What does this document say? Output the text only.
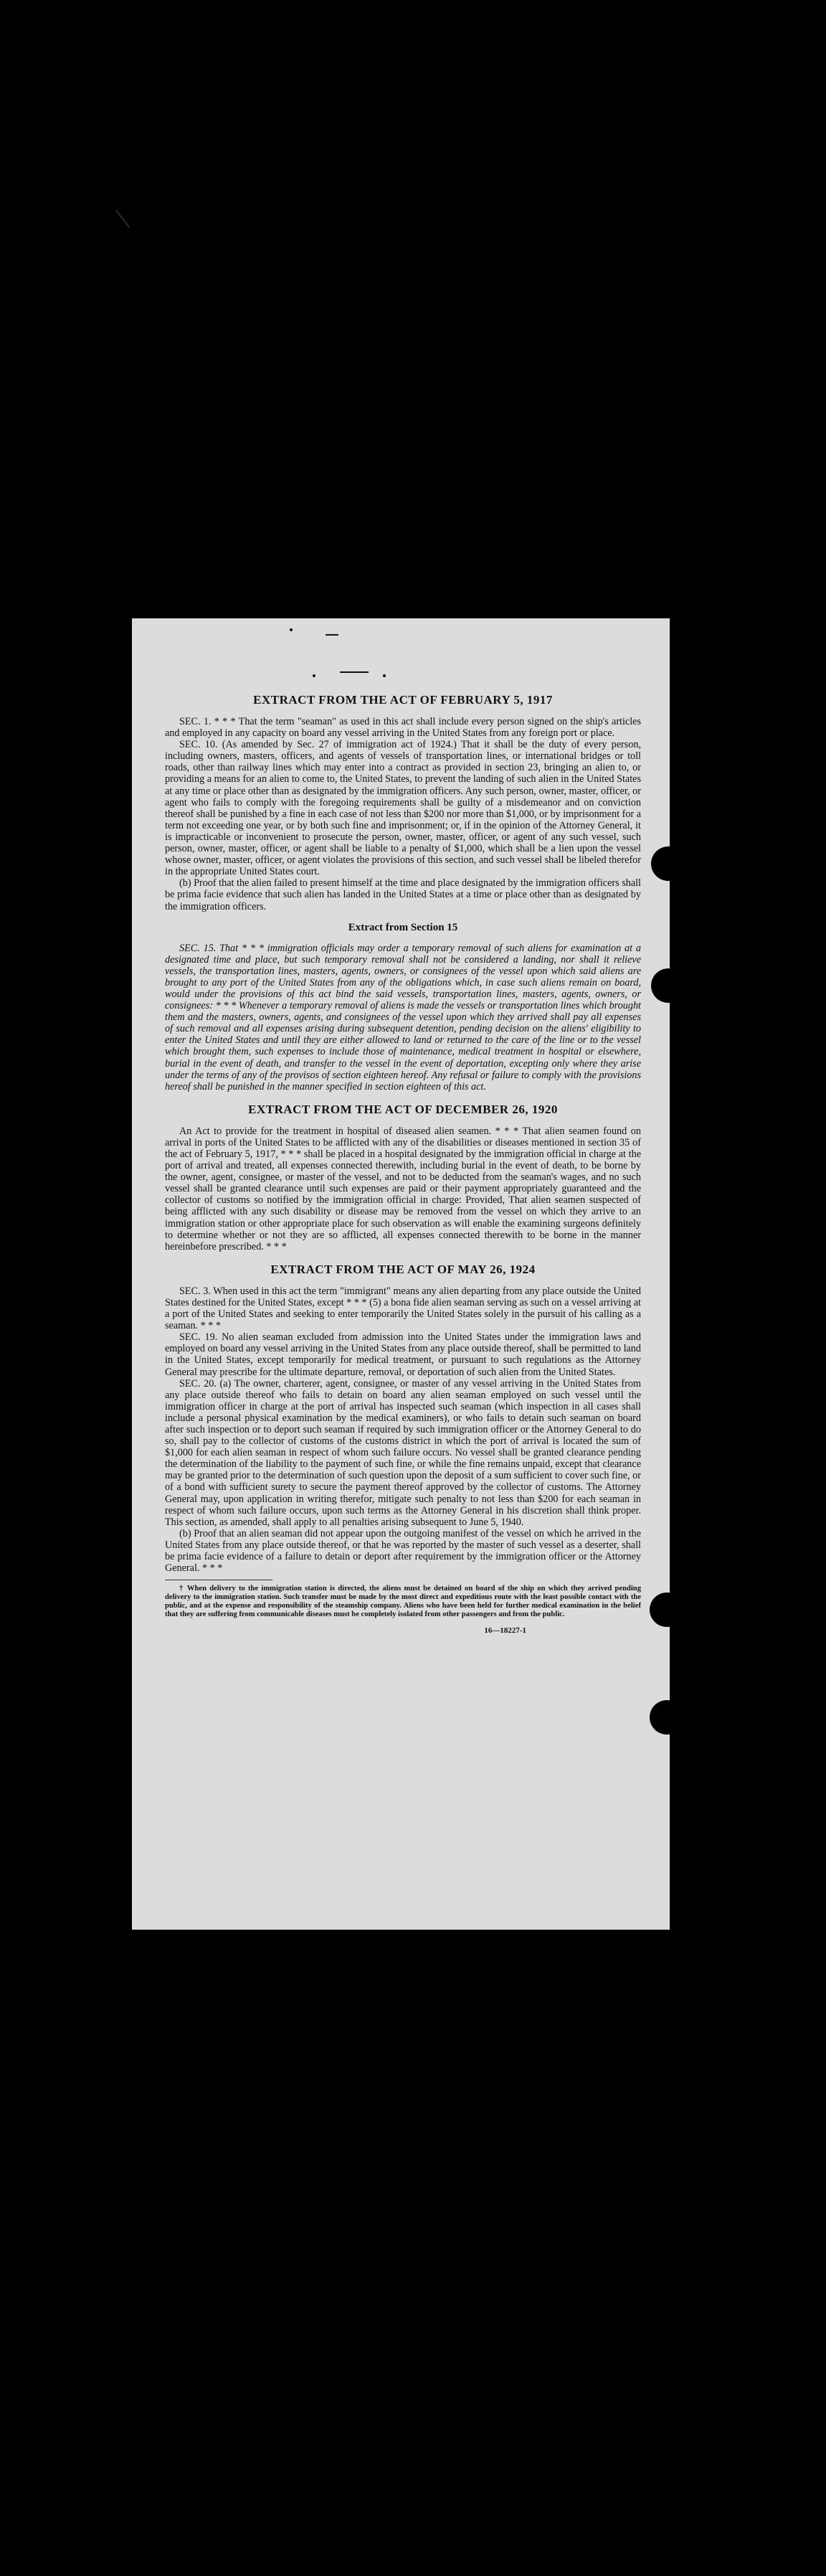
EXTRACT FROM THE ACT OF FEBRUARY 5, 1917

SEC. 1. * * * That the term "seaman" as used in this act shall include every person signed on the ship's articles and employed in any capacity on board any vessel arriving in the United States from any foreign port or place.

SEC. 10. (As amended by Sec. 27 of immigration act of 1924.) That it shall be the duty of every person, including owners, masters, officers, and agents of vessels of transportation lines, or international bridges or toll roads, other than railway lines which may enter into a contract as provided in section 23, bringing an alien to, or providing a means for an alien to come to, the United States, to prevent the landing of such alien in the United States at any time or place other than as designated by the immigration officers. Any such person, owner, master, officer, or agent who fails to comply with the foregoing requirements shall be guilty of a misdemeanor and on conviction thereof shall be punished by a fine in each case of not less than $200 nor more than $1,000, or by imprisonment for a term not exceeding one year, or by both such fine and imprisonment; or, if in the opinion of the Attorney General, it is impracticable or inconvenient to prosecute the person, owner, master, officer, or agent of any such vessel, such person, owner, master, officer, or agent shall be liable to a penalty of $1,000, which shall be a lien upon the vessel whose owner, master, officer, or agent violates the provisions of this section, and such vessel shall be libeled therefor in the appropriate United States court.

(b) Proof that the alien failed to present himself at the time and place designated by the immigration officers shall be prima facie evidence that such alien has landed in the United States at a time or place other than as designated by the immigration officers.

Extract from Section 15

SEC. 15. That * * * immigration officials may order a temporary removal of such aliens for examination at a designated time and place, but such temporary removal shall not be considered a landing, nor shall it relieve vessels, the transportation lines, masters, agents, owners, or consignees of the vessel upon which said aliens are brought to any port of the United States from any of the obligations which, in case such aliens remain on board, would under the provisions of this act bind the said vessels, transportation lines, masters, agents, owners, or consignees: * * * Whenever a temporary removal of aliens is made the vessels or transportation lines which brought them and the masters, owners, agents, and consignees of the vessel upon which they arrived shall pay all expenses of such removal and all expenses arising during subsequent detention, pending decision on the aliens' eligibility to enter the United States and until they are either allowed to land or returned to the care of the line or to the vessel which brought them, such expenses to include those of maintenance, medical treatment in hospital or elsewhere, burial in the event of death, and transfer to the vessel in the event of deportation, excepting only where they arise under the terms of any of the provisos of section eighteen hereof. Any refusal or failure to comply with the provisions hereof shall be punished in the manner specified in section eighteen of this act.

EXTRACT FROM THE ACT OF DECEMBER 26, 1920

An Act to provide for the treatment in hospital of diseased alien seamen. * * * That alien seamen found on arrival in ports of the United States to be afflicted with any of the disabilities or diseases mentioned in section 35 of the act of February 5, 1917, * * * shall be placed in a hospital designated by the immigration official in charge at the port of arrival and treated, all expenses connected therewith, including burial in the event of death, to be borne by the owner, agent, consignee, or master of the vessel, and not to be deducted from the seaman's wages, and no such vessel shall be granted clearance until such expenses are paid or their payment appropriately guaranteed and the collector of customs so notified by the immigration official in charge: Provided, That alien seamen suspected of being afflicted with any such disability or disease may be removed from the vessel on which they arrive to an immigration station or other appropriate place for such observation as will enable the examining surgeons definitely to determine whether or not they are so afflicted, all expenses connected therewith to be borne in the manner hereinbefore prescribed. * * *

EXTRACT FROM THE ACT OF MAY 26, 1924

SEC. 3. When used in this act the term "immigrant" means any alien departing from any place outside the United States destined for the United States, except * * * (5) a bona fide alien seaman serving as such on a vessel arriving at a port of the United States and seeking to enter temporarily the United States solely in the pursuit of his calling as a seaman. * * *

SEC. 19. No alien seaman excluded from admission into the United States under the immigration laws and employed on board any vessel arriving in the United States from any place outside thereof, shall be permitted to land in the United States, except temporarily for medical treatment, or pursuant to such regulations as the Attorney General may prescribe for the ultimate departure, removal, or deportation of such alien from the United States.

SEC. 20. (a) The owner, charterer, agent, consignee, or master of any vessel arriving in the United States from any place outside thereof who fails to detain on board any alien seaman employed on such vessel until the immigration officer in charge at the port of arrival has inspected such seaman (which inspection in all cases shall include a personal physical examination by the medical examiners), or who fails to detain such seaman on board after such inspection or to deport such seaman if required by such immigration officer or the Attorney General to do so, shall pay to the collector of customs of the customs district in which the port of arrival is located the sum of $1,000 for each alien seaman in respect of whom such failure occurs. No vessel shall be granted clearance pending the determination of the liability to the payment of such fine, or while the fine remains unpaid, except that clearance may be granted prior to the determination of such question upon the deposit of a sum sufficient to cover such fine, or of a bond with sufficient surety to secure the payment thereof approved by the collector of customs. The Attorney General may, upon application in writing therefor, mitigate such penalty to not less than $200 for each seaman in respect of whom such failure occurs, upon such terms as the Attorney General in his discretion shall think proper. This section, as amended, shall apply to all penalties arising subsequent to June 5, 1940.

(b) Proof that an alien seaman did not appear upon the outgoing manifest of the vessel on which he arrived in the United States from any place outside thereof, or that he was reported by the master of such vessel as a deserter, shall be prima facie evidence of a failure to detain or deport after requirement by the immigration officer or the Attorney General. * * *

† When delivery to the immigration station is directed, the aliens must be detained on board of the ship on which they arrived pending delivery to the immigration station. Such transfer must be made by the most direct and expeditious route with the least possible contact with the public, and at the expense and responsibility of the steamship company. Aliens who have been held for further medical examination in the belief that they are suffering from communicable diseases must be completely isolated from other passengers and from the public.

16—18227-1
